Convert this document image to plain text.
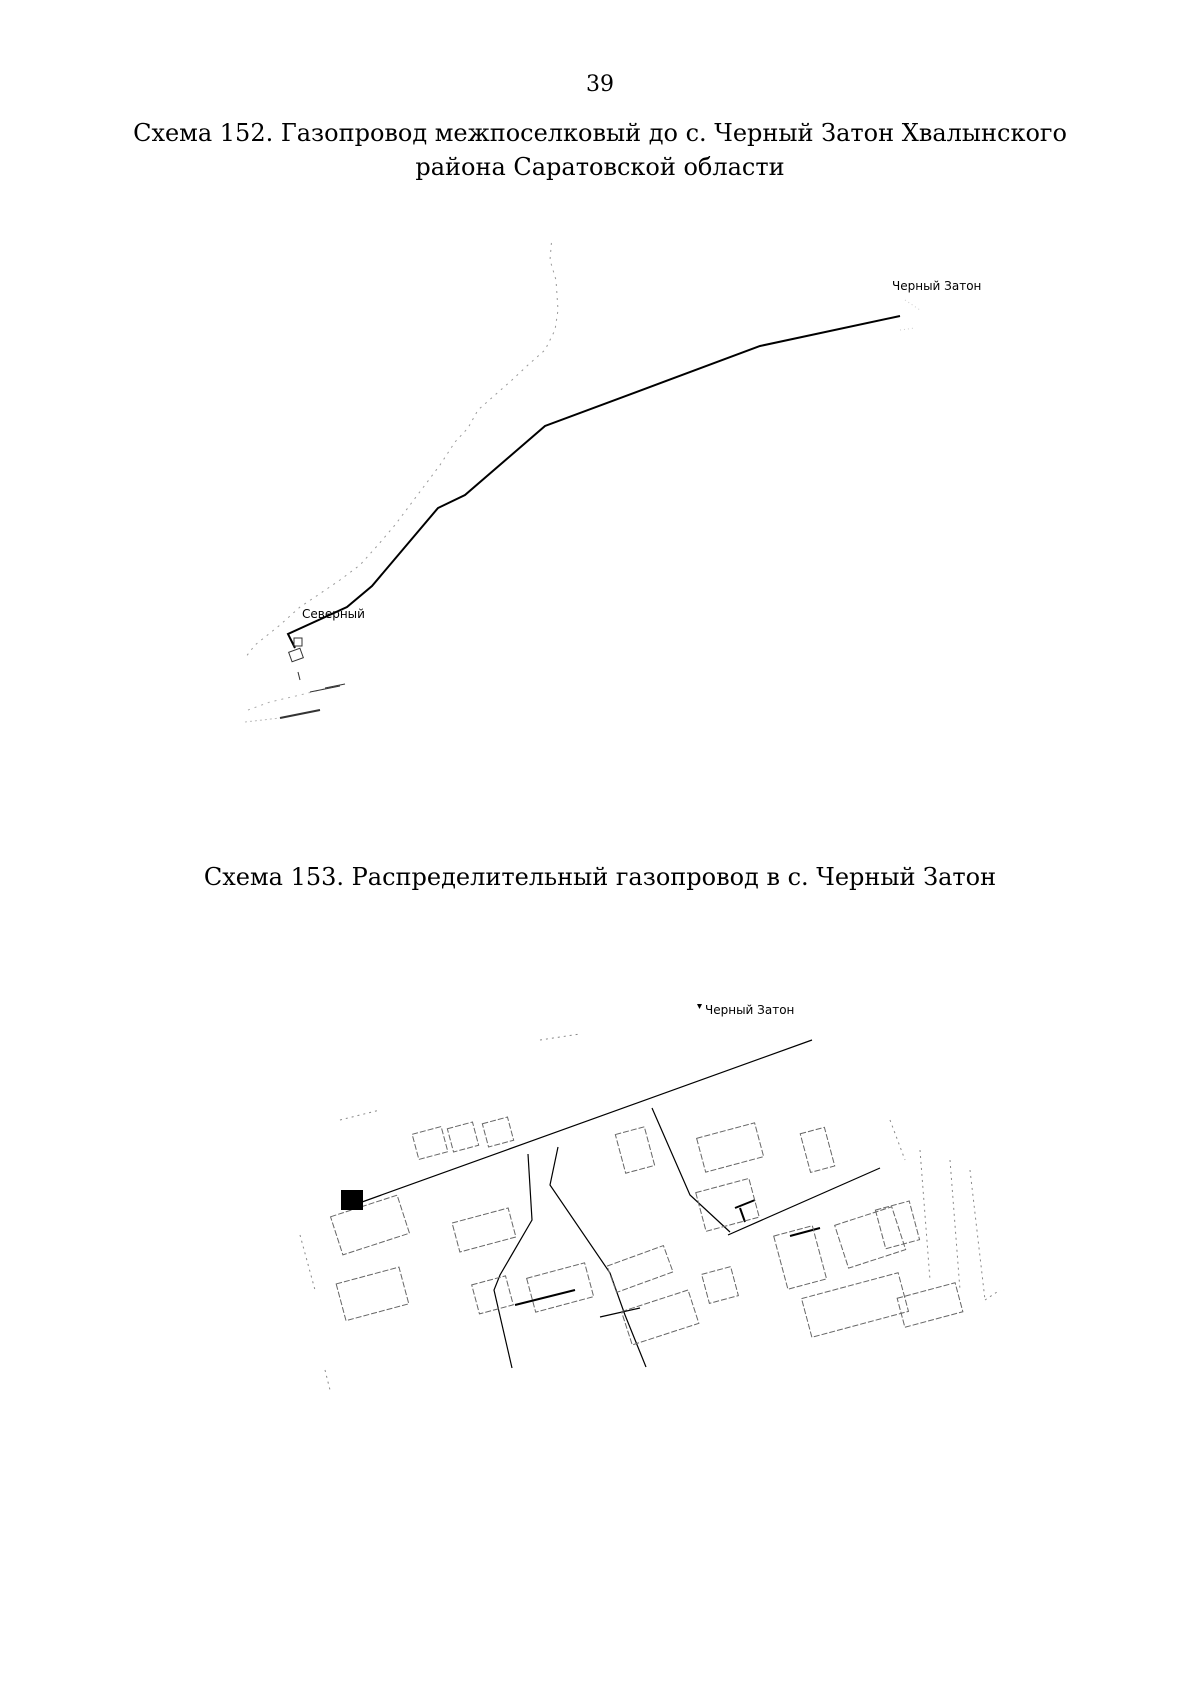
39
Схема 152. Газопровод межпоселковый до с. Черный Затон Хвалынского
района Саратовской области
Черный Затон
Северный
Схема 153. Распределительный газопровод в с. Черный Затон
Черный Затон
